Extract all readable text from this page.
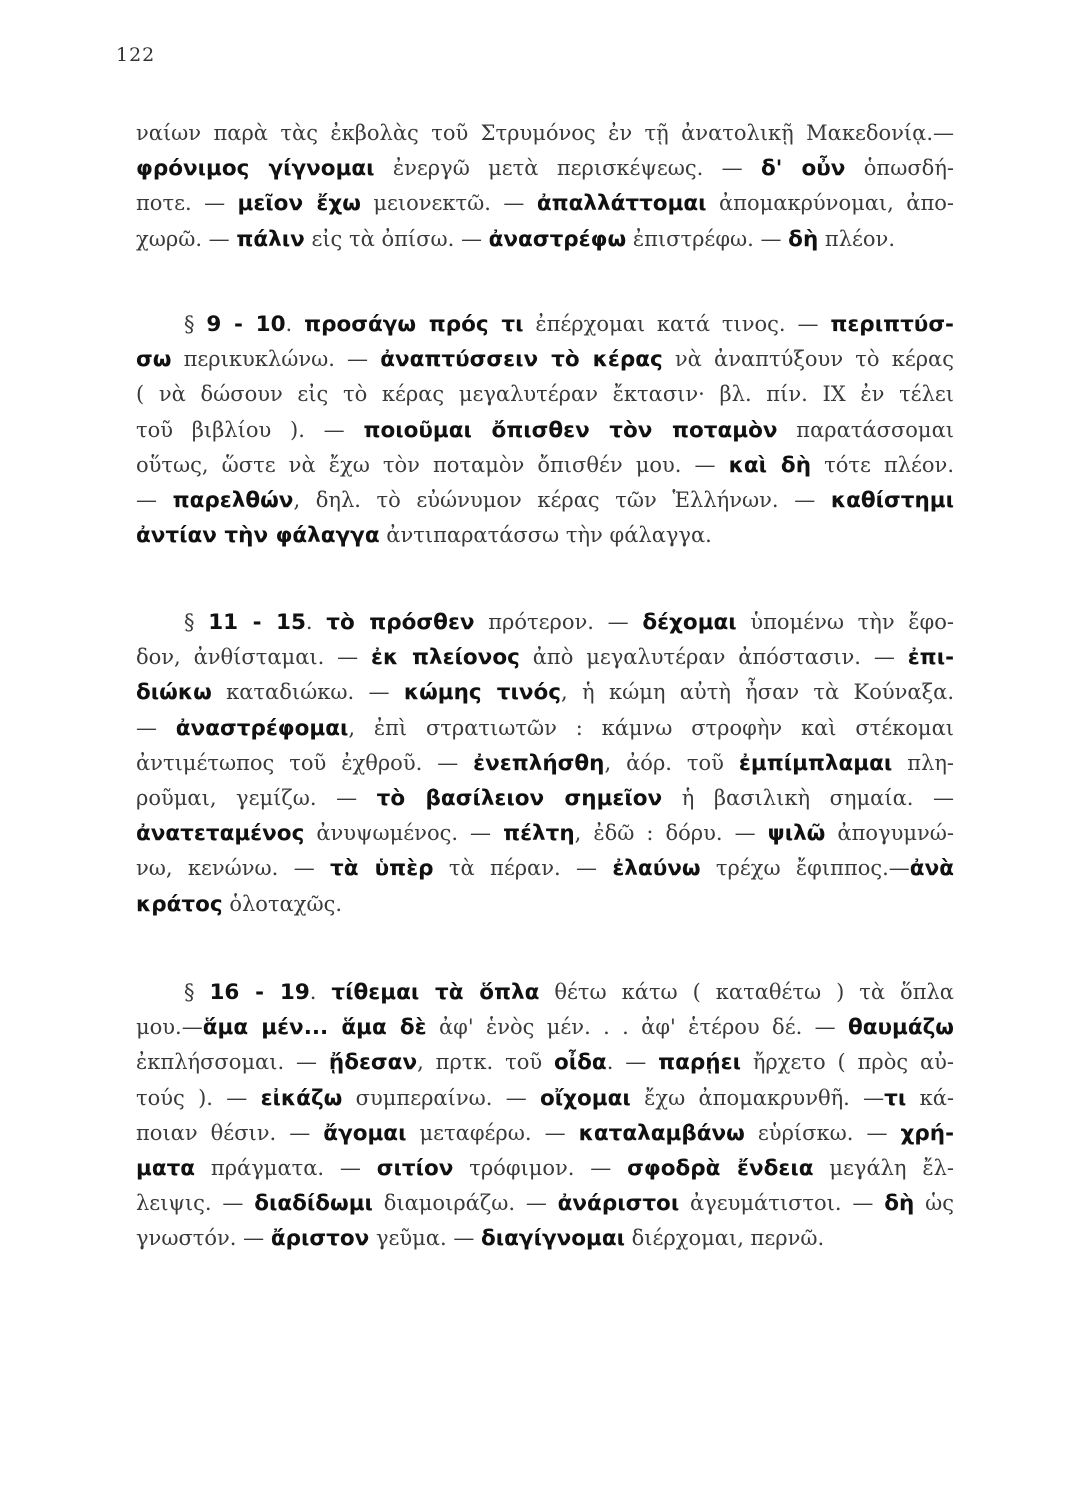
122
ναίων παρὰ τὰς ἐκβολὰς τοῦ Στρυμόνος ἐν τῇ ἀνατολικῇ Μακεδονίᾳ.—
φρόνιμος γίγνομαι ἐνεργῶ μετὰ περισκέψεως. — δ' οὖν ὁπωσδή-
ποτε. — μεῖον ἔχω μειονεκτῶ. — ἀπαλλάττομαι ἀπομακρύνομαι, ἀπο-
χωρῶ. — πάλιν εἰς τὰ ὀπίσω. — ἀναστρέφω ἐπιστρέφω. — δὴ πλέον.
§ 9 - 10. προσάγω πρός τι ἐπέρχομαι κατά τινος. — περιπτύσ-
σω περικυκλώνω. — ἀναπτύσσειν τὸ κέρας νὰ ἀναπτύξουν τὸ κέρας
( νὰ δώσουν εἰς τὸ κέρας μεγαλυτέραν ἔκτασιν· βλ. πίν. IX ἐν τέλει
τοῦ βιβλίου ). — ποιοῦμαι ὄπισθεν τὸν ποταμὸν παρατάσσομαι
οὕτως, ὥστε νὰ ἔχω τὸν ποταμὸν ὄπισθέν μου. — καὶ δὴ τότε πλέον.
— παρελθών, δηλ. τὸ εὐώνυμον κέρας τῶν Ἑλλήνων. — καθίστημι
ἀντίαν τὴν φάλαγγα ἀντιπαρατάσσω τὴν φάλαγγα.
§ 11 - 15. τὸ πρόσθεν πρότερον. — δέχομαι ὑπομένω τὴν ἔφο-
δον, ἀνθίσταμαι. — ἐκ πλείονος ἀπὸ μεγαλυτέραν ἀπόστασιν. — ἐπι-
διώκω καταδιώκω. — κώμης τινός, ἡ κώμη αὐτὴ ἦσαν τὰ Κούναξα.
— ἀναστρέφομαι, ἐπὶ στρατιωτῶν : κάμνω στροφὴν καὶ στέκομαι
ἀντιμέτωπος τοῦ ἐχθροῦ. — ἐνεπλήσθη, ἀόρ. τοῦ ἐμπίμπλαμαι πλη-
ροῦμαι, γεμίζω. — τὸ βασίλειον σημεῖον ἡ βασιλικὴ σημαία. —
ἀνατεταμένος ἀνυψωμένος. — πέλτη, ἐδῶ : δόρυ. — ψιλῶ ἀπογυμνώ-
νω, κενώνω. — τὰ ὑπὲρ τὰ πέραν. — ἐλαύνω τρέχω ἔφιππος.—ἀνὰ
κράτος ὁλοταχῶς.
§ 16 - 19. τίθεμαι τὰ ὅπλα θέτω κάτω ( καταθέτω ) τὰ ὅπλα
μου.—ἅμα μέν... ἅμα δὲ ἀφ' ἑνὸς μέν. . . ἀφ' ἑτέρου δέ. — θαυμάζω
ἐκπλήσσομαι. — ᾔδεσαν, πρτκ. τοῦ οἶδα. — παρῄει ἤρχετο ( πρὸς αὐ-
τούς ). — εἰκάζω συμπεραίνω. — οἴχομαι ἔχω ἀπομακρυνθῆ. —τι κά-
ποιαν θέσιν. — ἄγομαι μεταφέρω. — καταλαμβάνω εὑρίσκω. — χρή-
ματα πράγματα. — σιτίον τρόφιμον. — σφοδρὰ ἔνδεια μεγάλη ἔλ-
λειψις. — διαδίδωμι διαμοιράζω. — ἀνάριστοι ἀγευμάτιστοι. — δὴ ὡς
γνωστόν. — ἄριστον γεῦμα. — διαγίγνομαι διέρχομαι, περνῶ.
